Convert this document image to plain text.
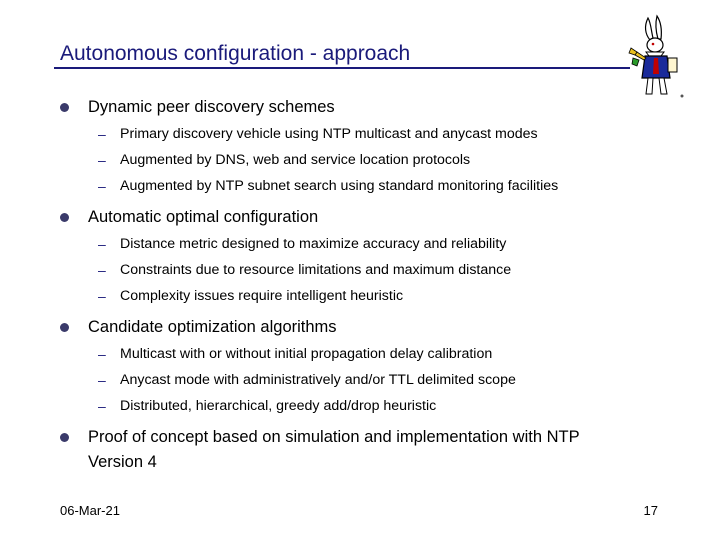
Autonomous configuration - approach
Dynamic peer discovery schemes
– Primary discovery vehicle using NTP multicast and anycast modes
– Augmented by DNS, web and service location protocols
– Augmented by NTP subnet search using standard monitoring facilities
Automatic optimal configuration
– Distance metric designed to maximize accuracy and reliability
– Constraints due to resource limitations and maximum distance
– Complexity issues require intelligent heuristic
Candidate optimization algorithms
– Multicast with or without initial propagation delay calibration
– Anycast mode with administratively and/or TTL delimited scope
– Distributed, hierarchical, greedy add/drop heuristic
Proof of concept based on simulation and implementation with NTP
Version 4
06-Mar-21	17
